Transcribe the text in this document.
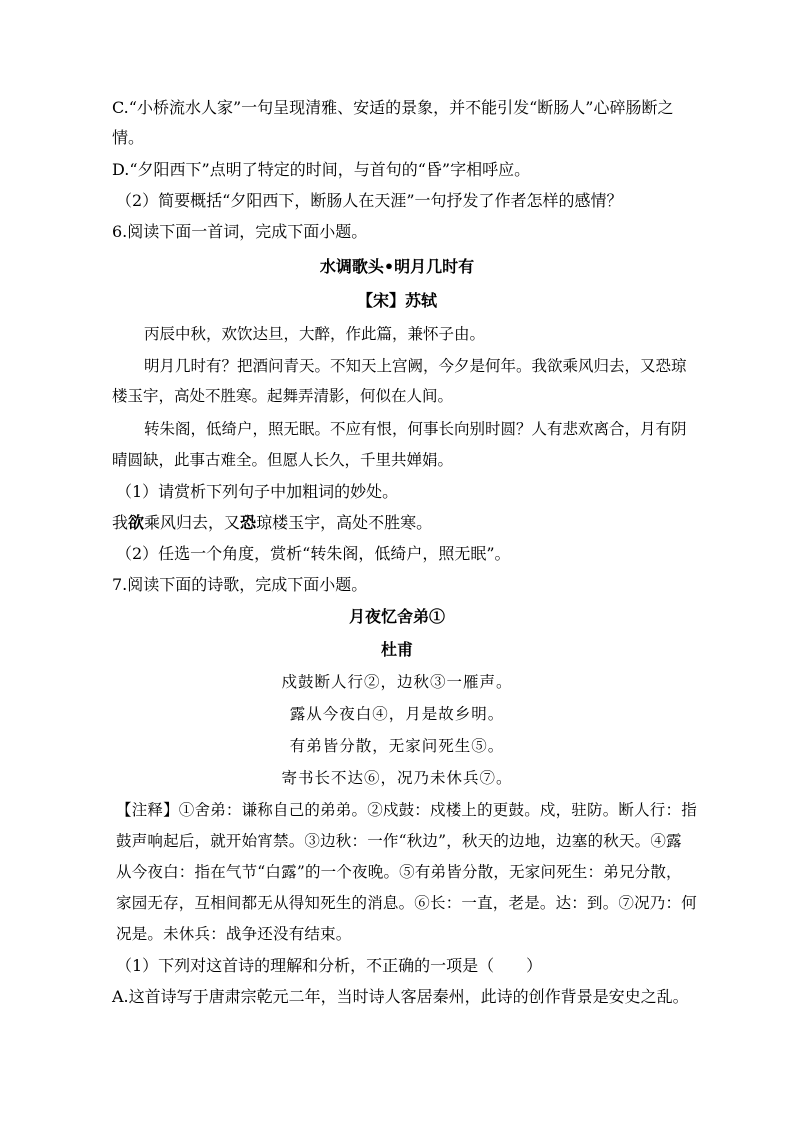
C.“小桥流水人家”一句呈现清雅、安适的景象，并不能引发“断肠人”心碎肠断之
情。
D.“夕阳西下”点明了特定的时间，与首句的“昏”字相呼应。
（2）简要概括“夕阳西下，断肠人在天涯”一句抒发了作者怎样的感情？
6.阅读下面一首词，完成下面小题。
水调歌头•明月几时有
【宋】苏轼
丙辰中秋，欢饮达旦，大醉，作此篇，兼怀子由。
明月几时有？把酒问青天。不知天上宫阙，今夕是何年。我欲乘风归去，又恐琼
楼玉宇，高处不胜寒。起舞弄清影，何似在人间。
转朱阁，低绮户，照无眠。不应有恨，何事长向别时圆？人有悲欢离合，月有阴
晴圆缺，此事古难全。但愿人长久，千里共婵娟。
（1）请赏析下列句子中加粗词的妙处。
我欲乘风归去，又恐琼楼玉宇，高处不胜寒。
（2）任选一个角度，赏析“转朱阁，低绮户，照无眠”。
7.阅读下面的诗歌，完成下面小题。
月夜忆舍弟①
杜甫
戍鼓断人行②，边秋③一雁声。
露从今夜白④，月是故乡明。
有弟皆分散，无家问死生⑤。
寄书长不达⑥，况乃未休兵⑦。
【注释】①舍弟：谦称自己的弟弟。②戍鼓：戍楼上的更鼓。戍，驻防。断人行：指
鼓声响起后，就开始宵禁。③边秋：一作“秋边”，秋天的边地，边塞的秋天。④露
从今夜白：指在气节“白露”的一个夜晚。⑤有弟皆分散，无家问死生：弟兄分散，
家园无存，互相间都无从得知死生的消息。⑥长：一直，老是。达：到。⑦况乃：何
况是。未休兵：战争还没有结束。
（1）下列对这首诗的理解和分析，不正确的一项是（　　）
A.这首诗写于唐肃宗乾元二年，当时诗人客居秦州，此诗的创作背景是安史之乱。
